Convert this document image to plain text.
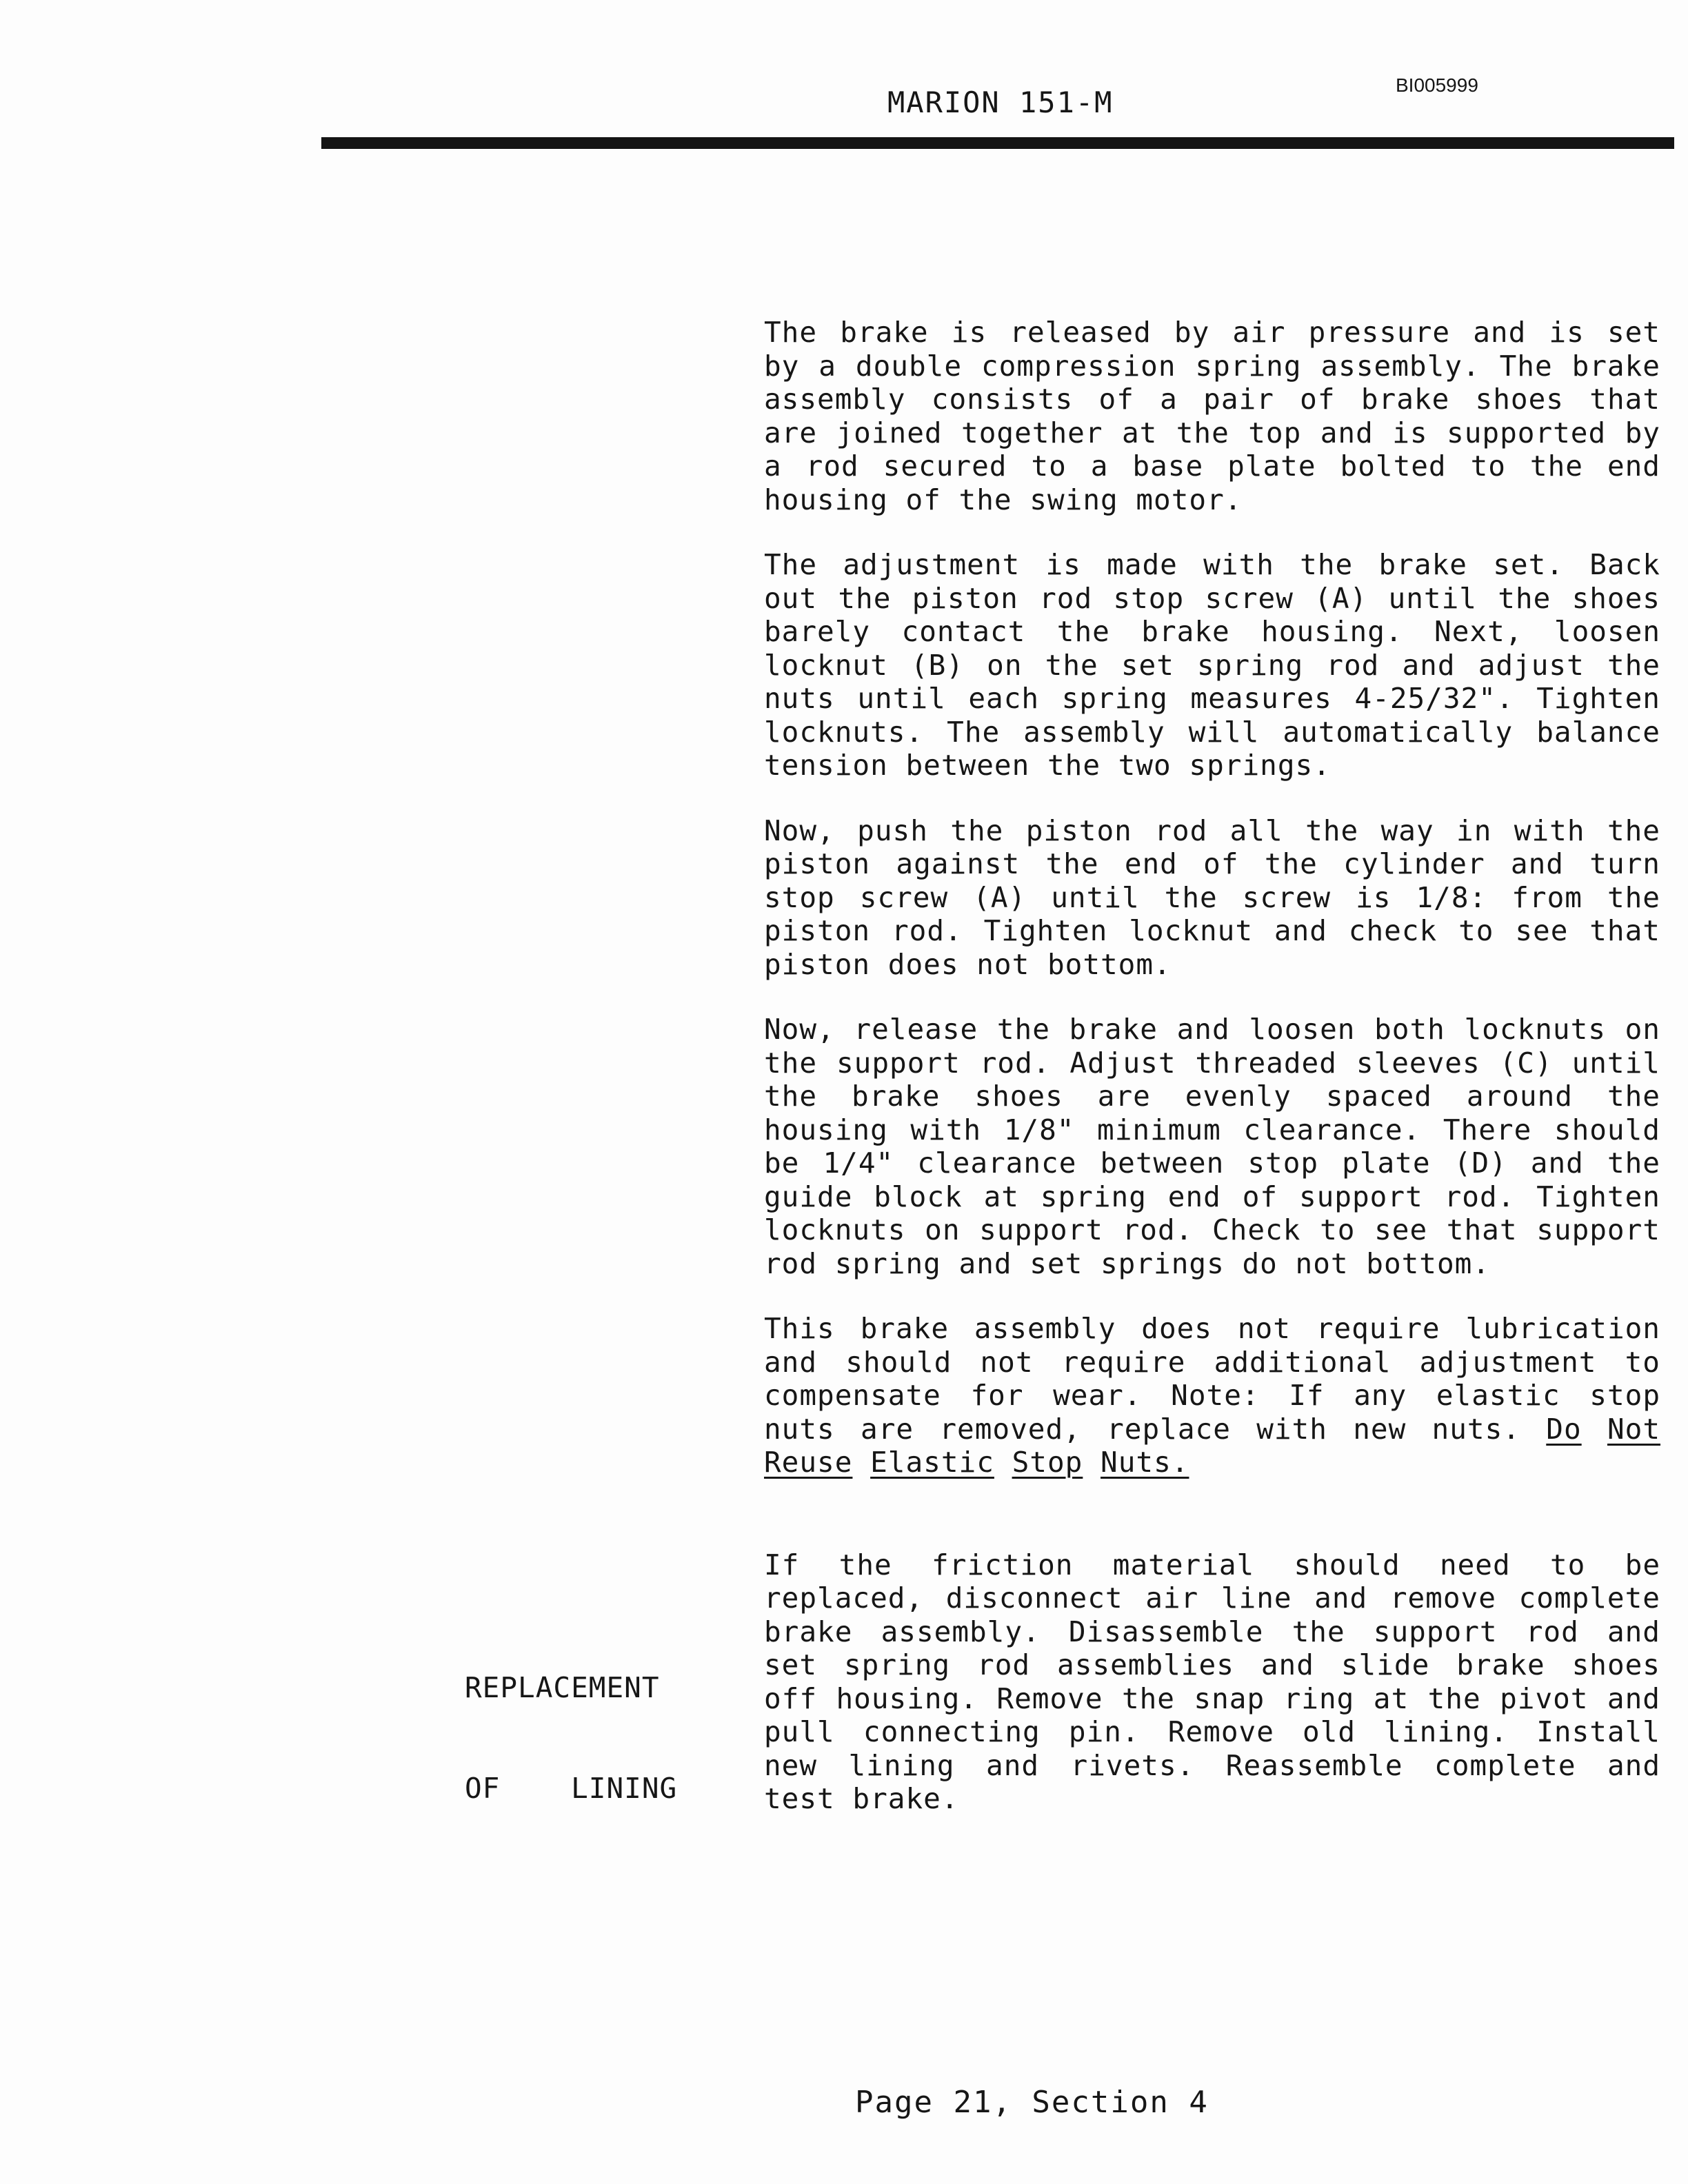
MARION 151-M
BI005999

The brake is released by air pressure and is set by a double compression spring assembly. The brake assembly consists of a pair of brake shoes that are joined together at the top and is supported by a rod secured to a base plate bolted to the end housing of the swing motor.

The adjustment is made with the brake set. Back out the piston rod stop screw (A) until the shoes barely contact the brake housing. Next, loosen locknut (B) on the set spring rod and adjust the nuts until each spring measures 4-25/32". Tighten locknuts. The assembly will automatically balance tension between the two springs.

Now, push the piston rod all the way in with the piston against the end of the cylinder and turn stop screw (A) until the screw is 1/8: from the piston rod. Tighten locknut and check to see that piston does not bottom.

Now, release the brake and loosen both locknuts on the support rod. Adjust threaded sleeves (C) until the brake shoes are evenly spaced around the housing with 1/8" minimum clearance. There should be 1/4" clearance between stop plate (D) and the guide block at spring end of support rod. Tighten locknuts on support rod. Check to see that support rod spring and set springs do not bottom.

This brake assembly does not require lubrication and should not require additional adjustment to compensate for wear. Note: If any elastic stop nuts are removed, replace with new nuts. Do Not Reuse Elastic Stop Nuts.

If the friction material should need to be replaced, disconnect air line and remove complete brake assembly. Disassemble the support rod and set spring rod assemblies and slide brake shoes off housing. Remove the snap ring at the pivot and pull connecting pin. Remove old lining. Install new lining and rivets. Reassemble complete and test brake.

REPLACEMENT

OF    LINING

Page 21, Section 4
